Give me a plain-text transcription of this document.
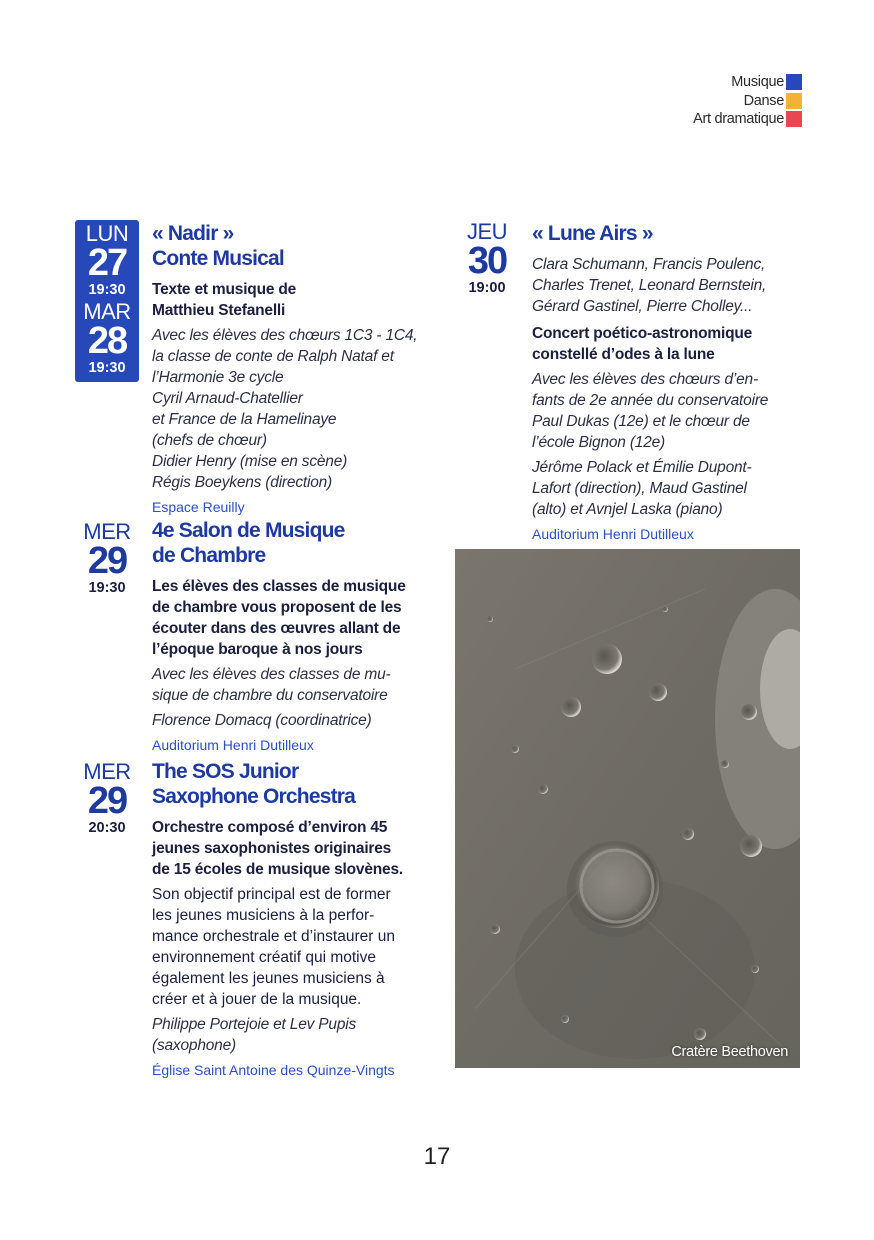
Musique
Danse
Art dramatique
LUN
27
19:30
MAR
28
19:30
« Nadir »
Conte Musical
Texte et musique de
Matthieu Stefanelli
Avec les élèves des chœurs 1C3 - 1C4,
la classe de conte de Ralph Nataf et
l’Harmonie 3e cycle
Cyril Arnaud-Chatellier
et France de la Hamelinaye
(chefs de chœur)
Didier Henry (mise en scène)
Régis Boeykens (direction)
Espace Reuilly
MER
29
19:30
4e Salon de Musique
de Chambre
Les élèves des classes de musique
de chambre vous proposent de les
écouter dans des œuvres allant de
l’époque baroque à nos jours
Avec les élèves des classes de mu-
sique de chambre du conservatoire
Florence Domacq (coordinatrice)
Auditorium Henri Dutilleux
MER
29
20:30
The SOS Junior
Saxophone Orchestra
Orchestre composé d’environ 45
jeunes saxophonistes originaires
de 15 écoles de musique slovènes.
Son objectif principal est de former
les jeunes musiciens à la perfor-
mance orchestrale et d’instaurer un
environnement créatif qui motive
également les jeunes musiciens à
créer et à jouer de la musique.
Philippe Portejoie et Lev Pupis
(saxophone)
Église Saint Antoine des Quinze-Vingts
JEU
30
19:00
« Lune Airs »
Clara Schumann, Francis Poulenc,
Charles Trenet, Leonard Bernstein,
Gérard Gastinel, Pierre Cholley...
Concert poético-astronomique
constellé d’odes à la lune
Avec les élèves des chœurs d’en-
fants de 2e année du conservatoire
Paul Dukas (12e) et le chœur de
l’école Bignon (12e)
Jérôme Polack et Émilie Dupont-
Lafort (direction), Maud Gastinel
(alto) et Avnjel Laska (piano)
Auditorium Henri Dutilleux
Cratère Beethoven
17
